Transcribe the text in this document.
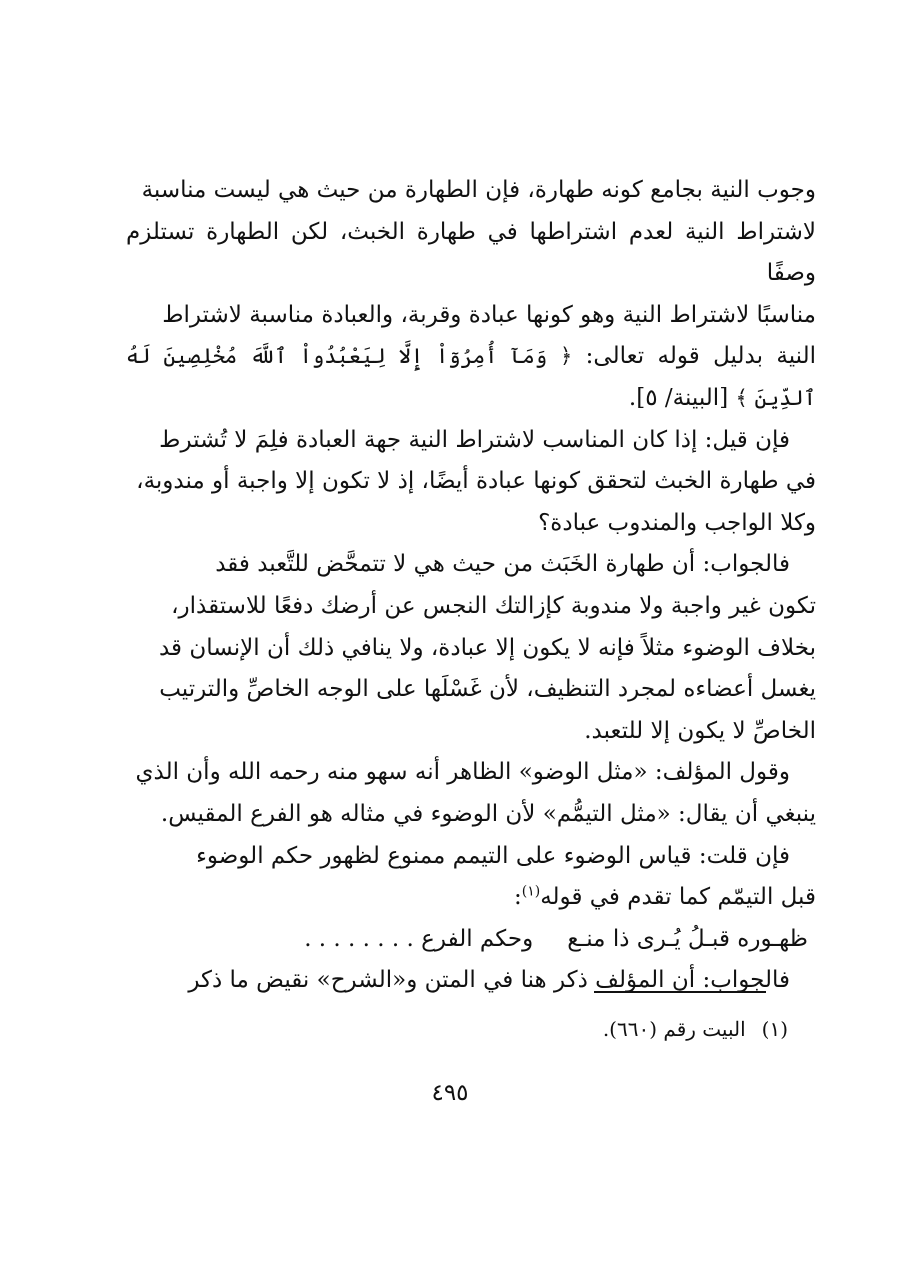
وجوب النية بجامع كونه طهارة، فإن الطهارة من حيث هي ليست مناسبة
لاشتراط النية لعدم اشتراطها في طهارة الخبث، لكن الطهارة تستلزم وصفًا
مناسبًا لاشتراط النية وهو كونها عبادة وقربة، والعبادة مناسبة لاشتراط
النية بدليل قوله تعالى: ﴿ وَمَآ أُمِرُوٓاْ إِلَّا لِيَعْبُدُواْ ٱللَّهَ مُخْلِصِينَ لَهُ ٱلدِّينَ ﴾ [البينة/ ٥].
فإن قيل: إذا كان المناسب لاشتراط النية جهة العبادة فلِمَ لا تُشترط
في طهارة الخبث لتحقق كونها عبادة أيضًا، إذ لا تكون إلا واجبة أو مندوبة،
وكلا الواجب والمندوب عبادة؟
فالجواب: أن طهارة الخَبَث من حيث هي لا تتمحَّض للتَّعبد فقد
تكون غير واجبة ولا مندوبة كإزالتك النجس عن أرضك دفعًا للاستقذار،
بخلاف الوضوء مثلاً فإنه لا يكون إلا عبادة، ولا ينافي ذلك أن الإنسان قد
يغسل أعضاءه لمجرد التنظيف، لأن غَسْلَها على الوجه الخاصِّ والترتيب
الخاصِّ لا يكون إلا للتعبد.
وقول المؤلف: «مثل الوضو» الظاهر أنه سهو منه رحمه الله وأن الذي
ينبغي أن يقال: «مثل التيمُّم» لأن الوضوء في مثاله هو الفرع المقيس.
فإن قلت: قياس الوضوء على التيمم ممنوع لظهور حكم الوضوء
قبل التيمّم كما تقدم في قوله$^{(١)}$:
ظهـوره قبـلُ يُـرى ذا منـع
وحكم الفرع . . . . . . . .
فالجواب: أن المؤلف ذكر هنا في المتن و«الشرح» نقيض ما ذكر
(١)البيت رقم (٦٦٠).
٤٩٥
